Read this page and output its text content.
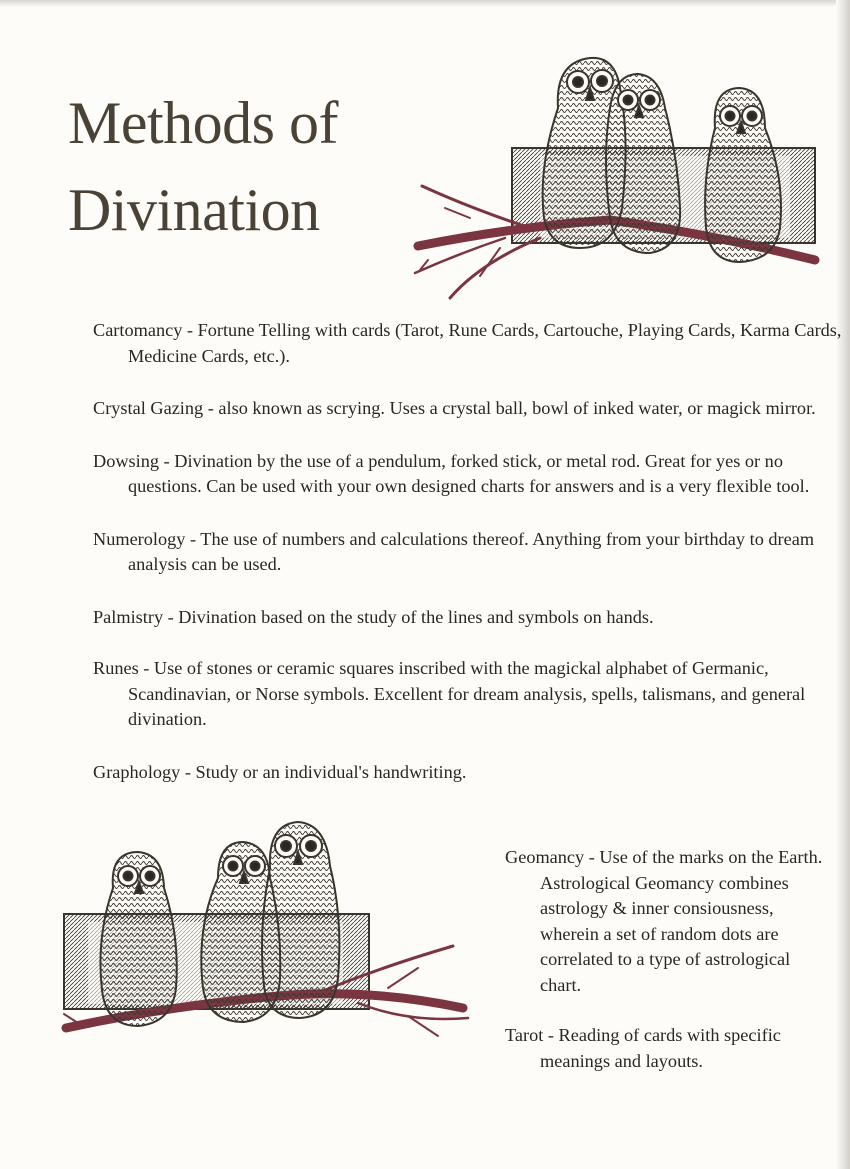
Methods of
Divination

Cartomancy - Fortune Telling with cards (Tarot, Rune Cards, Cartouche, Playing Cards, Karma Cards, Medicine Cards, etc.).

Crystal Gazing - also known as scrying. Uses a crystal ball, bowl of inked water, or magick mirror.

Dowsing - Divination by the use of a pendulum, forked stick, or metal rod. Great for yes or no questions. Can be used with your own designed charts for answers and is a very flexible tool.

Numerology - The use of numbers and calculations thereof. Anything from your birthday to dream analysis can be used.

Palmistry - Divination based on the study of the lines and symbols on hands.

Runes - Use of stones or ceramic squares inscribed with the magickal alphabet of Germanic, Scandinavian, or Norse symbols. Excellent for dream analysis, spells, talismans, and general divination.

Graphology - Study or an individual's handwriting.

Geomancy - Use of the marks on the Earth. Astrological Geomancy combines astrology & inner consiousness, wherein a set of random dots are correlated to a type of astrological chart.

Tarot - Reading of cards with specific meanings and layouts.
